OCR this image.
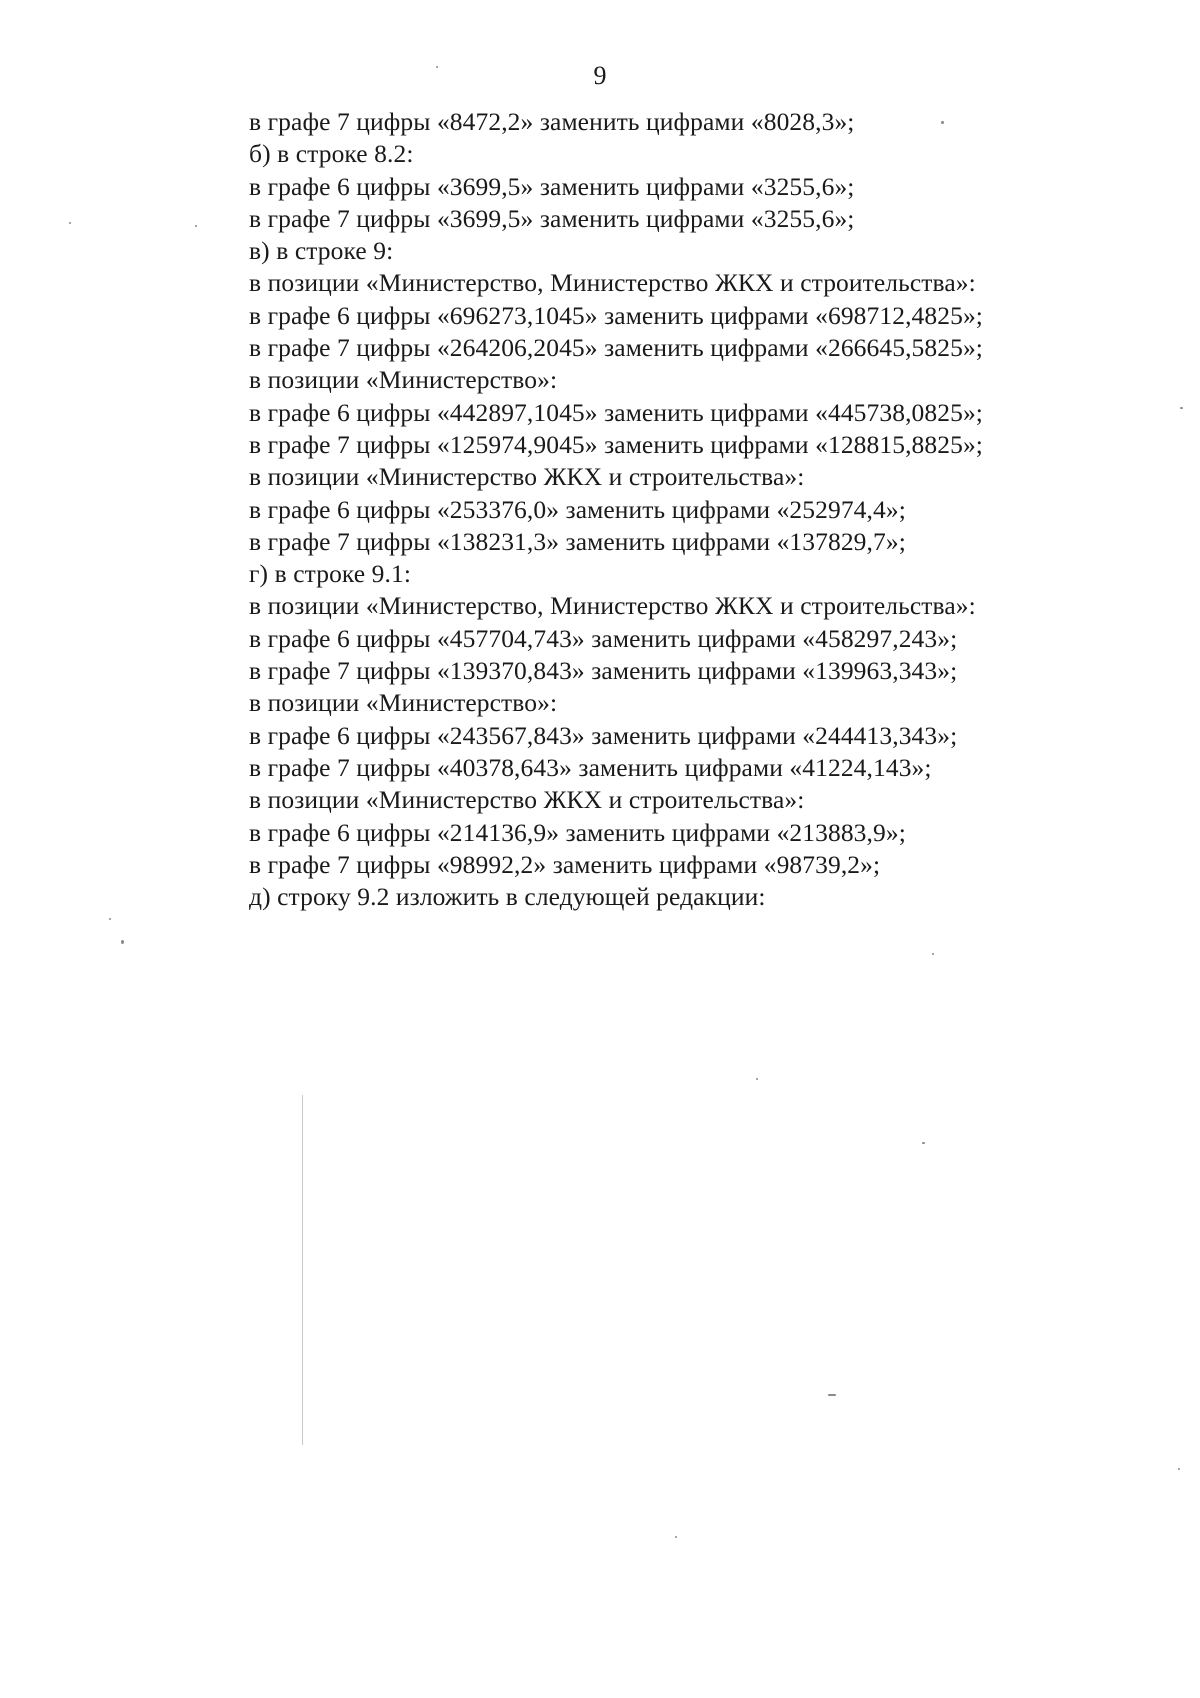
9
в графе 7 цифры «8472,2» заменить цифрами «8028,3»;
б) в строке 8.2:
в графе 6 цифры «3699,5» заменить цифрами «3255,6»;
в графе 7 цифры «3699,5» заменить цифрами «3255,6»;
в) в строке 9:
в позиции «Министерство, Министерство ЖКХ и строительства»:
в графе 6 цифры «696273,1045» заменить цифрами «698712,4825»;
в графе 7 цифры «264206,2045» заменить цифрами «266645,5825»;
в позиции «Министерство»:
в графе 6 цифры «442897,1045» заменить цифрами «445738,0825»;
в графе 7 цифры «125974,9045» заменить цифрами «128815,8825»;
в позиции «Министерство ЖКХ и строительства»:
в графе 6 цифры «253376,0» заменить цифрами «252974,4»;
в графе 7 цифры «138231,3» заменить цифрами «137829,7»;
г) в строке 9.1:
в позиции «Министерство, Министерство ЖКХ и строительства»:
в графе 6 цифры «457704,743» заменить цифрами «458297,243»;
в графе 7 цифры «139370,843» заменить цифрами «139963,343»;
в позиции «Министерство»:
в графе 6 цифры «243567,843» заменить цифрами «244413,343»;
в графе 7 цифры «40378,643» заменить цифрами «41224,143»;
в позиции «Министерство ЖКХ и строительства»:
в графе 6 цифры «214136,9» заменить цифрами «213883,9»;
в графе 7 цифры «98992,2» заменить цифрами «98739,2»;
д) строку 9.2 изложить в следующей редакции:
